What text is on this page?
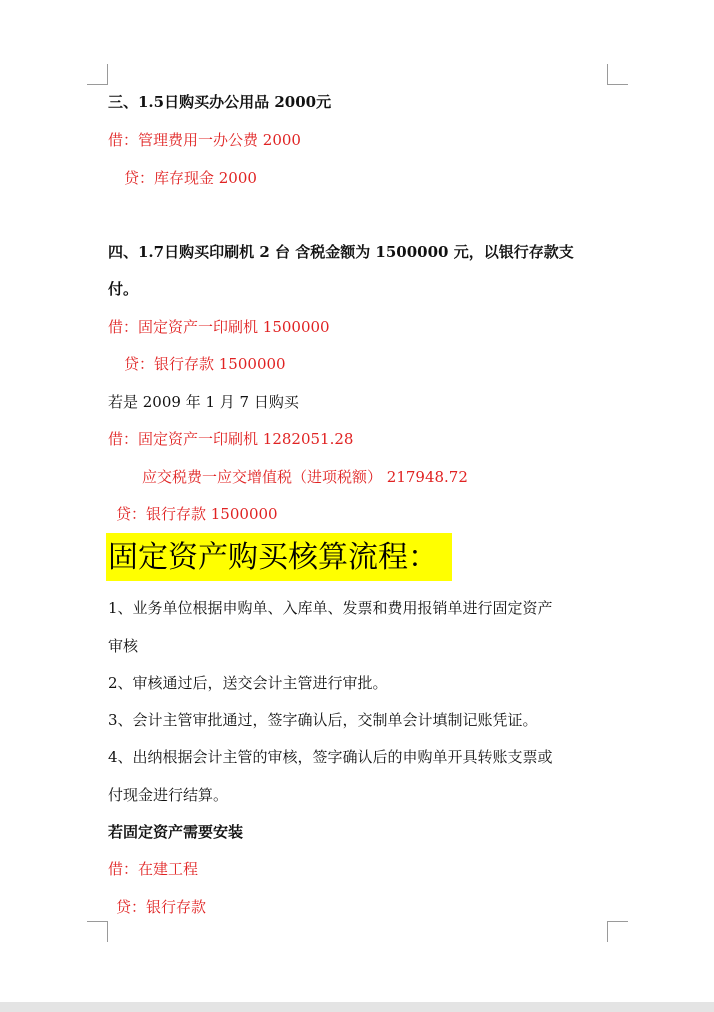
三、1.5日购买办公用品 2000元
借：管理费用一办公费 2000
贷：库存现金 2000
四、1.7日购买印刷机 2 台 含税金额为 1500000 元，以银行存款支
付。
借：固定资产一印刷机 1500000
贷：银行存款 1500000
若是 2009 年 1 月 7 日购买
借：固定资产一印刷机 1282051.28
应交税费一应交增值税（进项税额） 217948.72
贷：银行存款 1500000
固定资产购买核算流程：
1、业务单位根据申购单、入库单、发票和费用报销单进行固定资产
审核
2、审核通过后，送交会计主管进行审批。
3、会计主管审批通过，签字确认后，交制单会计填制记账凭证。
4、出纳根据会计主管的审核，签字确认后的申购单开具转账支票或
付现金进行结算。
若固定资产需要安装
借：在建工程
贷：银行存款
